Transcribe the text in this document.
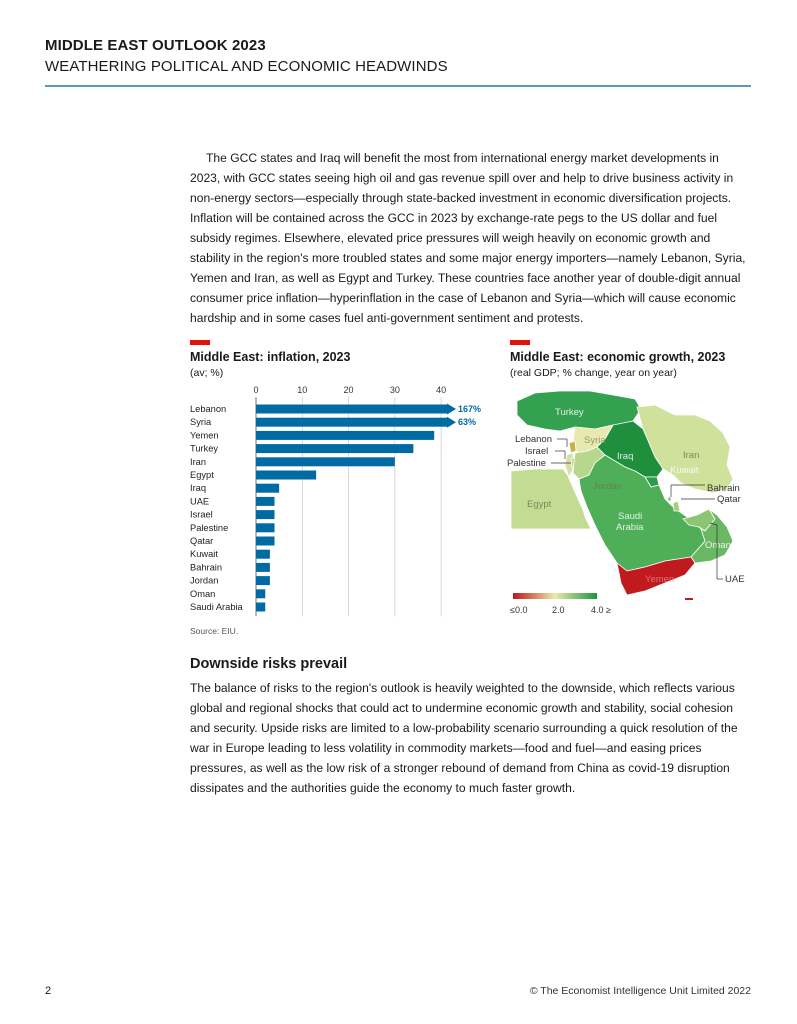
MIDDLE EAST OUTLOOK 2023
WEATHERING POLITICAL AND ECONOMIC HEADWINDS
The GCC states and Iraq will benefit the most from international energy market developments in 2023, with GCC states seeing high oil and gas revenue spill over and help to drive business activity in non-energy sectors—especially through state-backed investment in economic diversification projects. Inflation will be contained across the GCC in 2023 by exchange-rate pegs to the US dollar and fuel subsidy regimes. Elsewhere, elevated price pressures will weigh heavily on economic growth and stability in the region's more troubled states and some major energy importers—namely Lebanon, Syria, Yemen and Iran, as well as Egypt and Turkey. These countries face another year of double-digit annual consumer price inflation—hyperinflation in the case of Lebanon and Syria—which will cause economic hardship and in some cases fuel anti-government sentiment and protests.
Middle East: inflation, 2023
(av; %)
0	10	20	30	40
Lebanon
Syria
Yemen
Turkey
Iran
Egypt
Iraq
UAE
Israel
Palestine
Qatar
Kuwait
Bahrain
Jordan
Oman
Saudi Arabia
167%
63%
Source: EIU.
Middle East: economic growth, 2023
(real GDP; % change, year on year)
Turkey
Syria
Iraq	Iran
Kuwait
Egypt
Jordan
Saudi
Arabia
Oman
Yemen
Lebanon
Israel
Palestine
Bahrain
Qatar
UAE
≤0.0	2.0	4.0 ≥
Downside risks prevail
The balance of risks to the region's outlook is heavily weighted to the downside, which reflects various global and regional shocks that could act to undermine economic growth and stability, social cohesion and security. Upside risks are limited to a low-probability scenario surrounding a quick resolution of the war in Europe leading to less volatility in commodity markets—food and fuel—and easing prices pressures, as well as the low risk of a stronger rebound of demand from China as covid-19 disruption dissipates and the authorities guide the economy to much faster growth.
2	© The Economist Intelligence Unit Limited 2022
